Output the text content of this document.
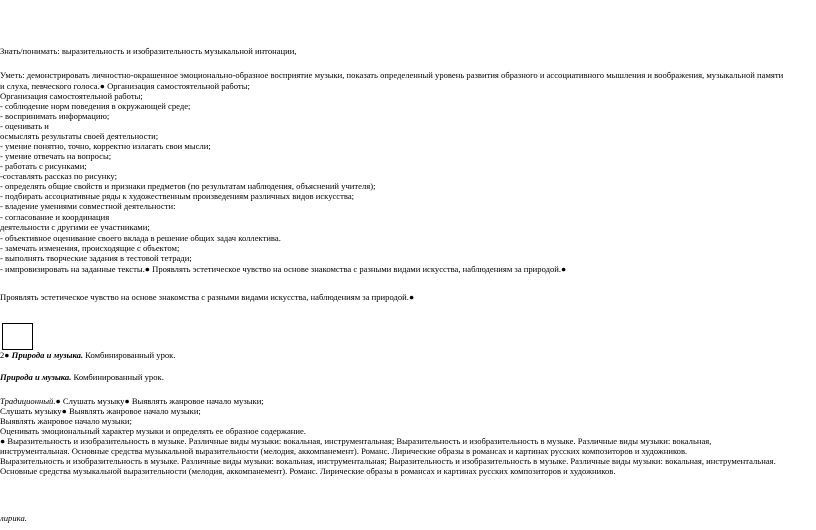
Знать/понимать: выразительность и изобразительность музыкальной интонации,
Уметь: демонстрировать личностно-окрашенное эмоционально-образное восприятие музыки, показать определенный уровень развития образного и ассоциативного мышления и воображения, музыкальной памяти
и слуха, певческого голоса.● Организация самостоятельной работы;
Организация самостоятельной работы;
- соблюдение норм поведения в окружающей среде;
- воспринимать информацию;
- оценивать и
осмыслять результаты своей деятельности;
- умение понятно, точно, корректно излагать свои мысли;
- умение отвечать на вопросы;
- работать с рисунками;
-составлять рассказ по рисунку;
- определять общие свойств и признаки предметов (по результатам наблюдения, объяснений учителя);
- подбирать ассоциативные ряды к художественным произведениям различных видов искусства;
- владение умениями совместной деятельности:
- согласование и координация
деятельности с другими ее участниками;
- объективное оценивание своего вклада в решение общих задач коллектива.
- замечать изменения, происходящие с объектом;
- выполнять творческие задания в тестовой тетради;
- импровизировать на заданные тексты.● Проявлять эстетическое чувство на основе знакомства с разными видами искусства, наблюдениям за природой.●
Проявлять эстетическое чувство на основе знакомства с разными видами искусства, наблюдениям за природой.●
2● Природа и музыка. Комбинированный урок.
Природа и музыка. Комбинированный урок.
Традиционный.● Слушать музыку● Выявлять жанровое начало музыки;
Слушать музыку● Выявлять жанровое начало музыки;
Выявлять жанровое начало музыки;
Оценивать эмоциональный характер музыки и определять ее образное содержание.
● Выразительность и изобразительность в музыке. Различные виды музыки: вокальная, инструментальная; Выразительность и изобразительность в музыке. Различные виды музыки: вокальная,
инструментальная. Основные средства музыкальной выразительности (мелодия, аккомпанемент). Романс. Лирические образы в романсах и картинах русских композиторов и художников.
Выразительность и изобразительность в музыке. Различные виды музыки: вокальная, инструментальная; Выразительность и изобразительность в музыке. Различные виды музыки: вокальная, инструментальная.
Основные средства музыкальной выразительности (мелодия, аккомпанемент). Романс. Лирические образы в романсах и картинах русских композиторов и художников.
лирика.
